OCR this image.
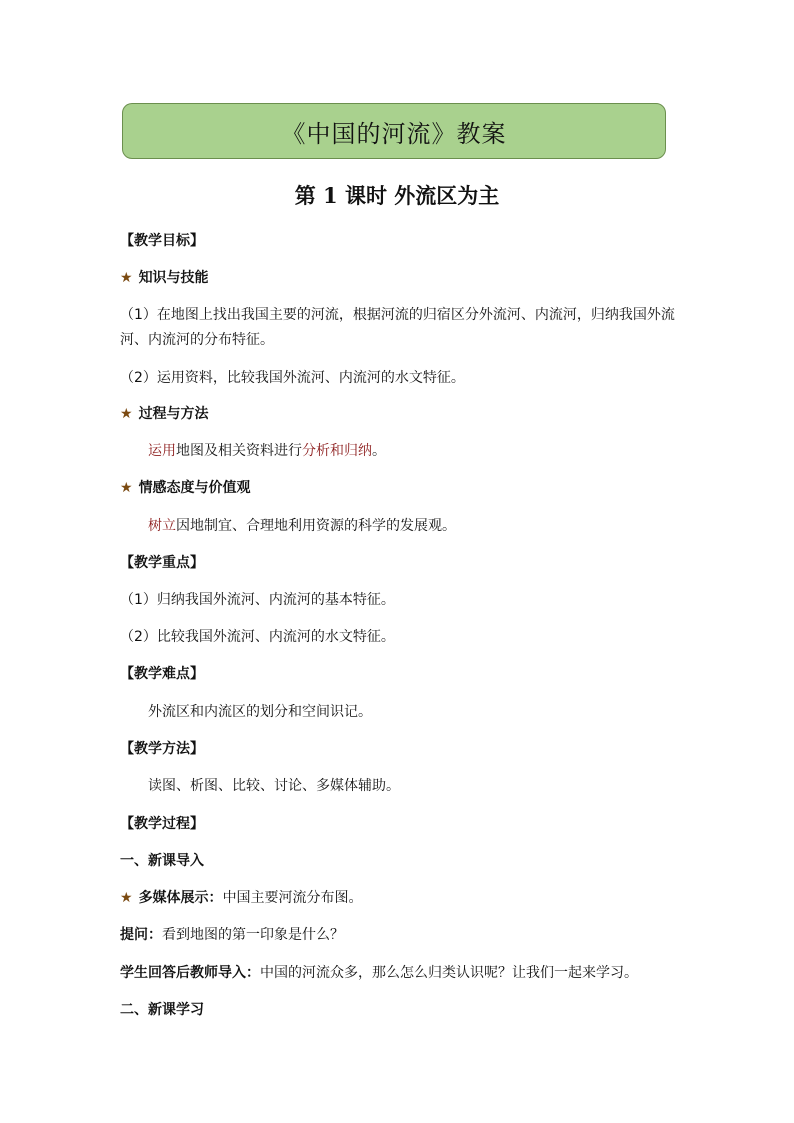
《中国的河流》教案
第 1 课时 外流区为主
【教学目标】
★ 知识与技能
（1）在地图上找出我国主要的河流，根据河流的归宿区分外流河、内流河，归纳我国外流
河、内流河的分布特征。
（2）运用资料，比较我国外流河、内流河的水文特征。
★ 过程与方法
运用地图及相关资料进行分析和归纳。
★ 情感态度与价值观
树立因地制宜、合理地利用资源的科学的发展观。
【教学重点】
（1）归纳我国外流河、内流河的基本特征。
（2）比较我国外流河、内流河的水文特征。
【教学难点】
外流区和内流区的划分和空间识记。
【教学方法】
读图、析图、比较、讨论、多媒体辅助。
【教学过程】
一、新课导入
★ 多媒体展示：中国主要河流分布图。
提问：看到地图的第一印象是什么？
学生回答后教师导入：中国的河流众多，那么怎么归类认识呢？让我们一起来学习。
二、新课学习
